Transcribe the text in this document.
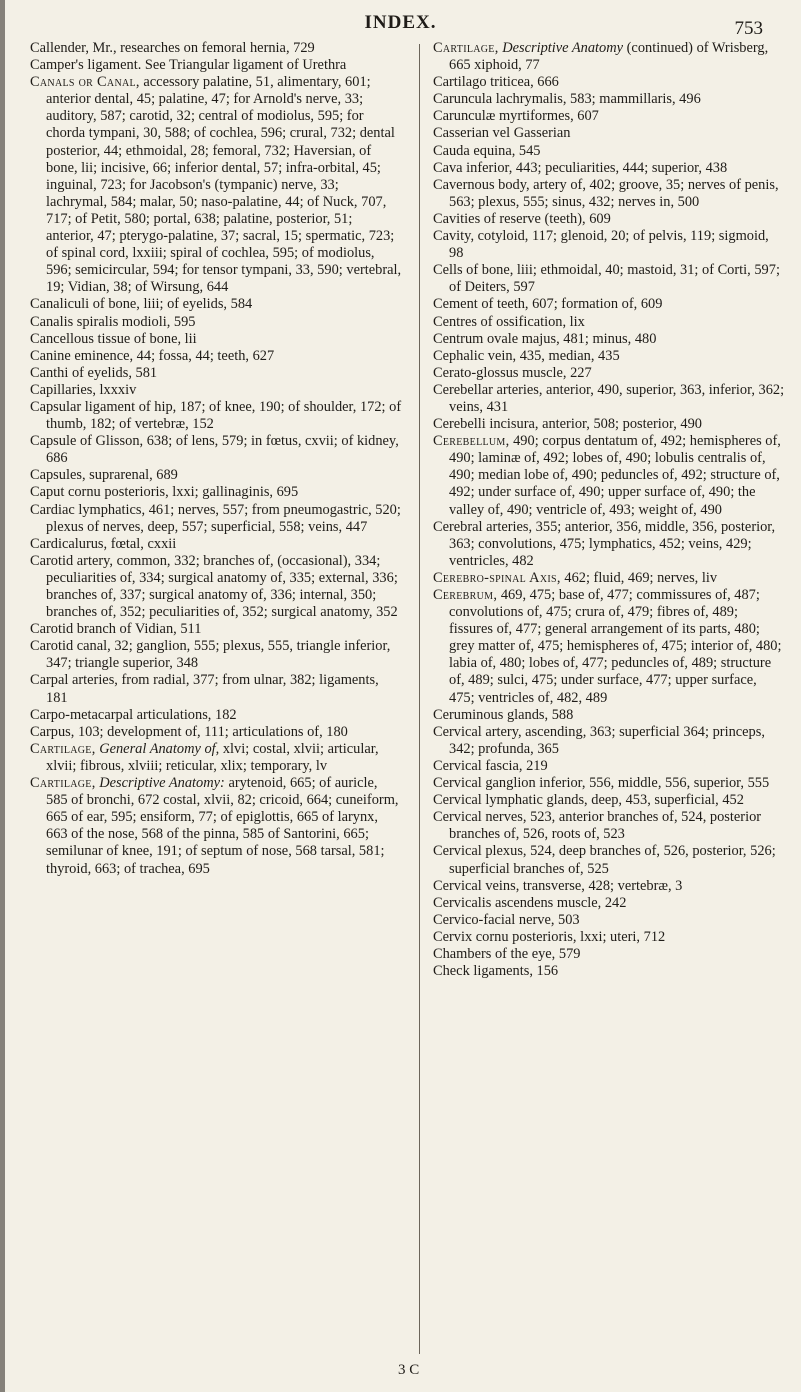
INDEX.	753

Callender, Mr., researches on femoral hernia, 729

Camper's ligament. See Triangular ligament of Urethra

Canals or Canal, accessory palatine, 51, alimentary, 601; anterior dental, 45; palatine, 47; for Arnold's nerve, 33; auditory, 587; carotid, 32; central of modiolus, 595; for chorda tympani, 30, 588; of cochlea, 596; crural, 732; dental posterior, 44; ethmoidal, 28; femoral, 732; Haversian, of bone, lii; incisive, 66; inferior dental, 57; infra-orbital, 45; inguinal, 723; for Jacobson's (tympanic) nerve, 33; lachrymal, 584; malar, 50; naso-palatine, 44; of Nuck, 707, 717; of Petit, 580; portal, 638; palatine, posterior, 51; anterior, 47; pterygo-palatine, 37; sacral, 15; spermatic, 723; of spinal cord, lxxiii; spiral of cochlea, 595; of modiolus, 596; semicircular, 594; for tensor tympani, 33, 590; vertebral, 19; Vidian, 38; of Wirsung, 644

Canaliculi of bone, liii; of eyelids, 584

Canalis spiralis modioli, 595

Cancellous tissue of bone, lii

Canine eminence, 44; fossa, 44; teeth, 627

Canthi of eyelids, 581

Capillaries, lxxxiv

Capsular ligament of hip, 187; of knee, 190; of shoulder, 172; of thumb, 182; of vertebræ, 152

Capsule of Glisson, 638; of lens, 579; in fœtus, cxvii; of kidney, 686

Capsules, suprarenal, 689

Caput cornu posterioris, lxxi; gallinaginis, 695

Cardiac lymphatics, 461; nerves, 557; from pneumogastric, 520; plexus of nerves, deep, 557; superficial, 558; veins, 447

Cardicalurus, fœtal, cxxii

Carotid artery, common, 332; branches of, (occasional), 334; peculiarities of, 334; surgical anatomy of, 335; external, 336; branches of, 337; surgical anatomy of, 336; internal, 350; branches of, 352; peculiarities of, 352; surgical anatomy, 352

Carotid branch of Vidian, 511

Carotid canal, 32; ganglion, 555; plexus, 555, triangle inferior, 347; triangle superior, 348

Carpal arteries, from radial, 377; from ulnar, 382; ligaments, 181

Carpo-metacarpal articulations, 182

Carpus, 103; development of, 111; articulations of, 180

Cartilage, General Anatomy of, xlvi; costal, xlvii; articular, xlvii; fibrous, xlviii; reticular, xlix; temporary, lv

Cartilage, Descriptive Anatomy: arytenoid, 665; of auricle, 585 of bronchi, 672 costal, xlvii, 82; cricoid, 664; cuneiform, 665 of ear, 595; ensiform, 77; of epiglottis, 665 of larynx, 663 of the nose, 568 of the pinna, 585 of Santorini, 665; semilunar of knee, 191; of septum of nose, 568 tarsal, 581; thyroid, 663; of trachea, 695

Cartilage, Descriptive Anatomy (continued) of Wrisberg, 665 xiphoid, 77

Cartilago triticea, 666

Caruncula lachrymalis, 583; mammillaris, 496

Carunculæ myrtiformes, 607

Casserian vel Gasserian

Cauda equina, 545

Cava inferior, 443; peculiarities, 444; superior, 438

Cavernous body, artery of, 402; groove, 35; nerves of penis, 563; plexus, 555; sinus, 432; nerves in, 500

Cavities of reserve (teeth), 609

Cavity, cotyloid, 117; glenoid, 20; of pelvis, 119; sigmoid, 98

Cells of bone, liii; ethmoidal, 40; mastoid, 31; of Corti, 597; of Deiters, 597

Cement of teeth, 607; formation of, 609

Centres of ossification, lix

Centrum ovale majus, 481; minus, 480

Cephalic vein, 435, median, 435

Cerato-glossus muscle, 227

Cerebellar arteries, anterior, 490, superior, 363, inferior, 362; veins, 431

Cerebelli incisura, anterior, 508; posterior, 490

Cerebellum, 490; corpus dentatum of, 492; hemispheres of, 490; laminæ of, 492; lobes of, 490; lobulis centralis of, 490; median lobe of, 490; peduncles of, 492; structure of, 492; under surface of, 490; upper surface of, 490; the valley of, 490; ventricle of, 493; weight of, 490

Cerebral arteries, 355; anterior, 356, middle, 356, posterior, 363; convolutions, 475; lymphatics, 452; veins, 429; ventricles, 482

Cerebro-spinal Axis, 462; fluid, 469; nerves, liv

Cerebrum, 469, 475; base of, 477; commissures of, 487; convolutions of, 475; crura of, 479; fibres of, 489; fissures of, 477; general arrangement of its parts, 480; grey matter of, 475; hemispheres of, 475; interior of, 480; labia of, 480; lobes of, 477; peduncles of, 489; structure of, 489; sulci, 475; under surface, 477; upper surface, 475; ventricles of, 482, 489

Ceruminous glands, 588

Cervical artery, ascending, 363; superficial 364; princeps, 342; profunda, 365

Cervical fascia, 219

Cervical ganglion inferior, 556, middle, 556, superior, 555

Cervical lymphatic glands, deep, 453, superficial, 452

Cervical nerves, 523, anterior branches of, 524, posterior branches of, 526, roots of, 523

Cervical plexus, 524, deep branches of, 526, posterior, 526; superficial branches of, 525

Cervical veins, transverse, 428; vertebræ, 3

Cervicalis ascendens muscle, 242

Cervico-facial nerve, 503

Cervix cornu posterioris, lxxi; uteri, 712

Chambers of the eye, 579

Check ligaments, 156

3 C
